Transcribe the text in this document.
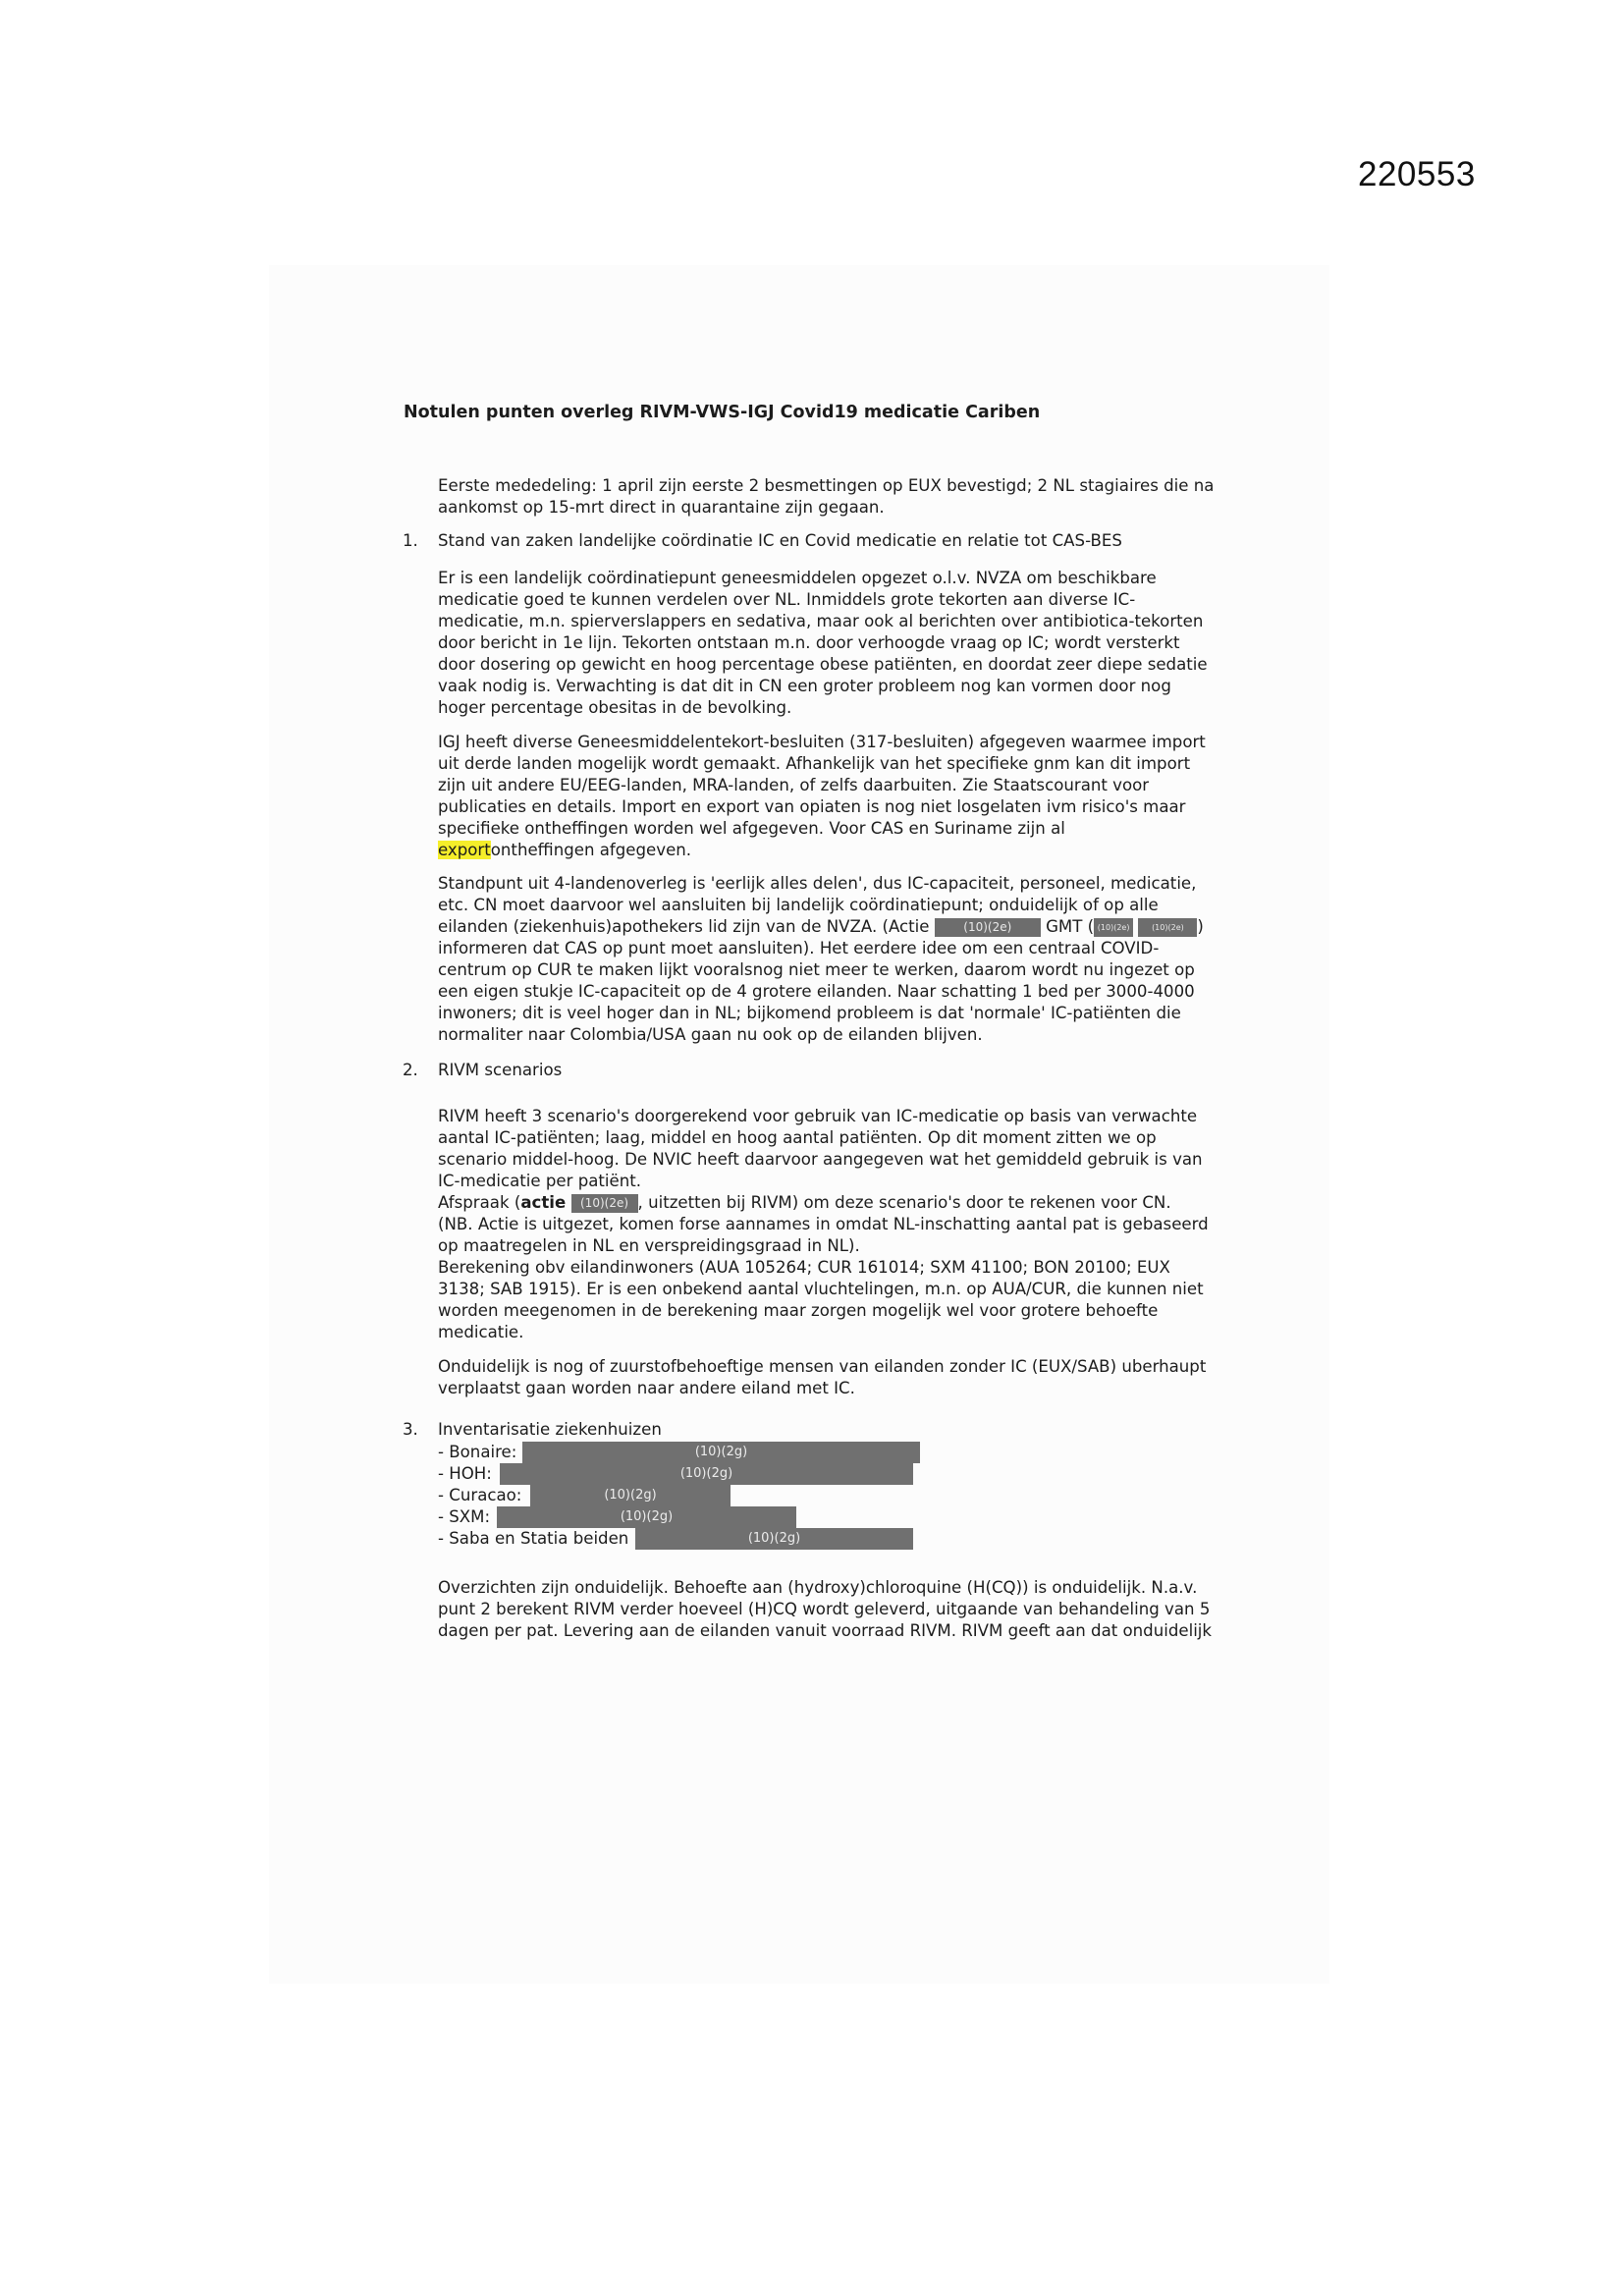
220553
Notulen punten overleg RIVM-VWS-IGJ Covid19 medicatie Cariben
Eerste mededeling: 1 april zijn eerste 2 besmettingen op EUX bevestigd; 2 NL stagiaires die na
aankomst op 15-mrt direct in quarantaine zijn gegaan.
1. Stand van zaken landelijke coördinatie IC en Covid medicatie en relatie tot CAS-BES
Er is een landelijk coördinatiepunt geneesmiddelen opgezet o.l.v. NVZA om beschikbare
medicatie goed te kunnen verdelen over NL. Inmiddels grote tekorten aan diverse IC-
medicatie, m.n. spierverslappers en sedativa, maar ook al berichten over antibiotica-tekorten
door bericht in 1e lijn. Tekorten ontstaan m.n. door verhoogde vraag op IC; wordt versterkt
door dosering op gewicht en hoog percentage obese patiënten, en doordat zeer diepe sedatie
vaak nodig is. Verwachting is dat dit in CN een groter probleem nog kan vormen door nog
hoger percentage obesitas in de bevolking.
IGJ heeft diverse Geneesmiddelentekort-besluiten (317-besluiten) afgegeven waarmee import
uit derde landen mogelijk wordt gemaakt. Afhankelijk van het specifieke gnm kan dit import
zijn uit andere EU/EEG-landen, MRA-landen, of zelfs daarbuiten. Zie Staatscourant voor
publicaties en details. Import en export van opiaten is nog niet losgelaten ivm risico's maar
specifieke ontheffingen worden wel afgegeven. Voor CAS en Suriname zijn al
exportontheffingen afgegeven.
Standpunt uit 4-landenoverleg is 'eerlijk alles delen', dus IC-capaciteit, personeel, medicatie,
etc. CN moet daarvoor wel aansluiten bij landelijk coördinatiepunt; onduidelijk of op alle
eilanden (ziekenhuis)apothekers lid zijn van de NVZA. (Actie	(10)(2e) GMT ( (10)(2e)	(10)(2e) )
informeren dat CAS op punt moet aansluiten). Het eerdere idee om een centraal COVID-
centrum op CUR te maken lijkt vooralsnog niet meer te werken, daarom wordt nu ingezet op
een eigen stukje IC-capaciteit op de 4 grotere eilanden. Naar schatting 1 bed per 3000-4000
inwoners; dit is veel hoger dan in NL; bijkomend probleem is dat 'normale' IC-patiënten die
normaliter naar Colombia/USA gaan nu ook op de eilanden blijven.
2. RIVM scenarios
RIVM heeft 3 scenario's doorgerekend voor gebruik van IC-medicatie op basis van verwachte
aantal IC-patiënten; laag, middel en hoog aantal patiënten. Op dit moment zitten we op
scenario middel-hoog. De NVIC heeft daarvoor aangegeven wat het gemiddeld gebruik is van
IC-medicatie per patiënt.
Afspraak (actie (10)(2e) , uitzetten bij RIVM) om deze scenario's door te rekenen voor CN.
(NB. Actie is uitgezet, komen forse aannames in omdat NL-inschatting aantal pat is gebaseerd
op maatregelen in NL en verspreidingsgraad in NL).
Berekening obv eilandinwoners (AUA 105264; CUR 161014; SXM 41100; BON 20100; EUX
3138; SAB 1915). Er is een onbekend aantal vluchtelingen, m.n. op AUA/CUR, die kunnen niet
worden meegenomen in de berekening maar zorgen mogelijk wel voor grotere behoefte
medicatie.
Onduidelijk is nog of zuurstofbehoeftige mensen van eilanden zonder IC (EUX/SAB) uberhaupt
verplaatst gaan worden naar andere eiland met IC.
3. Inventarisatie ziekenhuizen
- Bonaire:
- HOH:
- Curacao:
- SXM:
- Saba en Statia beiden
(10)(2g)
(10)(2g)
(10)(2g)
(10)(2g)
(10)(2g)
Overzichten zijn onduidelijk. Behoefte aan (hydroxy)chloroquine (H(CQ)) is onduidelijk. N.a.v.
punt 2 berekent RIVM verder hoeveel (H)CQ wordt geleverd, uitgaande van behandeling van 5
dagen per pat. Levering aan de eilanden vanuit voorraad RIVM. RIVM geeft aan dat onduidelijk
